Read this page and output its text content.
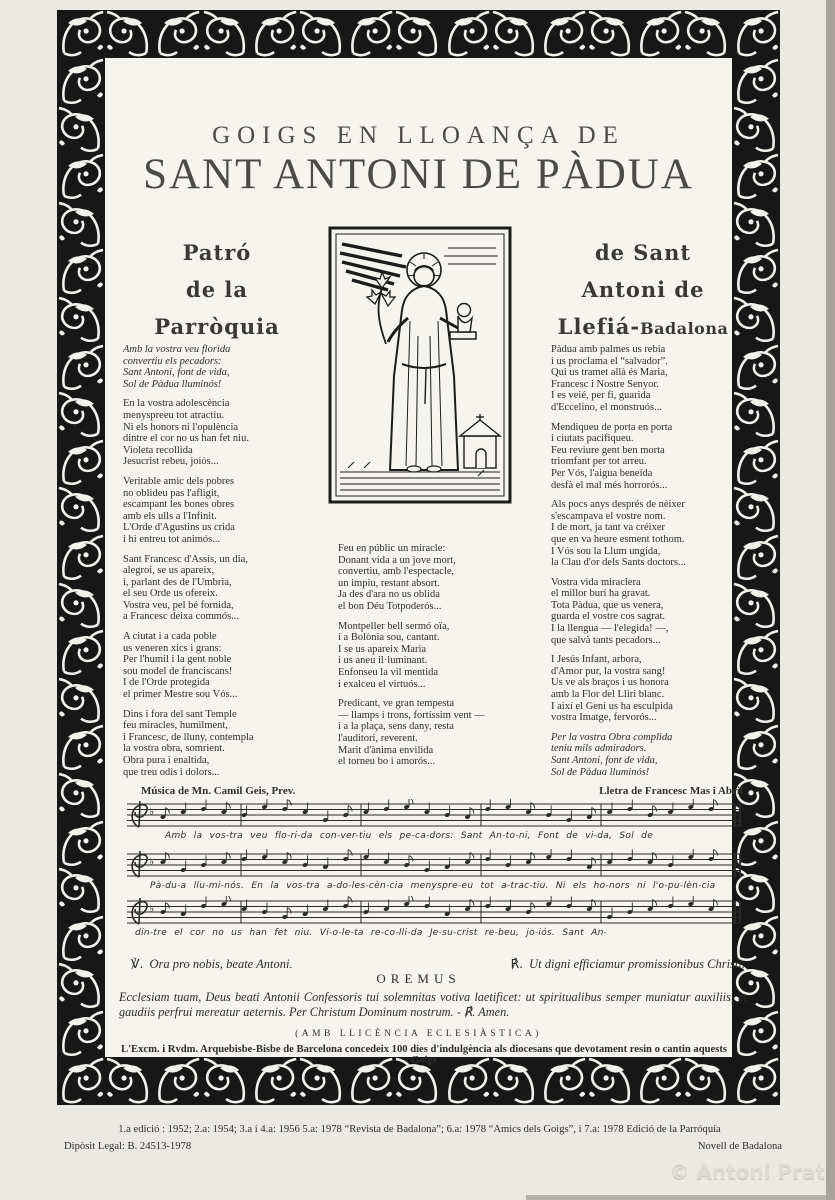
GOIGS EN LLOANÇA DE
SANT ANTONI DE PÀDUA
Patró
de la
Parròquia
de Sant
Antoni de
Llefiá-Badalona

Amb la vostra veu florida
convertiu els pecadors:
Sant Antoni, font de vida,
Sol de Pàdua lluminós!

En la vostra adolescència
menyspreeu tot atractiu.
Ni els honors ni l'opulència
dintre el cor no us han fet niu.
Violeta recollida
Jesucrist rebeu, joiós...

Veritable amic dels pobres
no oblideu pas l'afligit,
escampant les bones obres
amb els ulls a l'Infinit.
L'Orde d'Agustins us crida
i hi entreu tot animós...

Sant Francesc d'Assís, un dia,
alegroi, se us apareix,
i, parlant des de l'Umbria,
el seu Orde us ofereix.
Vostra veu, pel bé fornida,
a Francesc deixa commós...

A ciutat i a cada poble
us veneren xics i grans:
Per l'humil i la gent noble
sou model de franciscans!
I de l'Orde protegida
el primer Mestre sou Vós...

Dins i fora del sant Temple
feu miracles, humilment,
i Francesc, de lluny, contempla
la vostra obra, somrient.
Obra pura i enaltida,
que treu odis i dolors...

Feu en públic un miracle:
Donant vida a un jove mort,
convertiu, amb l'espectacle,
un impiu, restant absort.
Ja des d'ara no us oblida
el bon Déu Totpoderós...

Montpeller bell sermó oïa,
i a Bolònia sou, cantant.
I se us apareix Maria
i us aneu il·luminant.
Enfonseu la vil mentida
i exalceu el virtuós...

Predicant, ve gran tempesta
— llamps i trons, fortíssim vent —
i a la plaça, sens dany, resta
l'auditori, reverent.
Marit d'ànima envilida
el torneu bo i amorós...

Pàdua amb palmes us rebia
i us proclama el “salvador”.
Qui us tramet allà és Maria,
Francesc i Nostre Senyor.
I es veié, per fi, guarida
d'Eccelino, el monstruós...

Mendiqueu de porta en porta
i ciutats pacifiqueu.
Feu reviure gent ben morta
triomfant per tot arreu.
Per Vós, l'aigua beneïda
desfà el mal més horrorós...

Als pocs anys després de néixer
s'escampava el vostre nom.
I de mort, ja tant va créixer
que en va heure esment tothom.
I Vós sou la Llum ungida,
la Clau d'or dels Sants doctors...

Vostra vida miraclera
el millor burí ha gravat.
Tota Pàdua, que us venera,
guarda el vostre cos sagrat.
I la llengua — l'elegida! —,
que salvà tants pecadors...

I Jesús Infant, arbora,
d'Amor pur, la vostra sang!
Us ve als braços i us honora
amb la Flor del Lliri blanc.
I així el Geni us ha esculpida
vostra Imatge, fervorós...

Per la vostra Obra complida
teniu mils admiradors.
Sant Antoni, font de vida,
Sol de Pàdua lluminós!

Música de Mn. Camil Geis, Prev.	Lletra de Francesc Mas i Abril
♭
Amb la vos-tra veu flo-ri-da con-ver-tiu els pe-ca-dors: Sant An-to-ni, Font de vi-da, Sol de
♭
Pà-du-a llu-mi-nós. En la vos-tra a-do-les-cèn-cia menyspre-eu tot a-trac-tiu. Ni els ho-nors ni l'o-pu-lèn-cia
♭
din-tre el cor no us han fet niu. Vi-o-le-ta re-co-lli-da Je-su-crist re-beu, jo-iós. Sant An-
℣. Ora pro nobis, beate Antoni.	℟. Ut digni efficiamur promissionibus Christi.
OREMUS
Ecclesiam tuam, Deus beati Antonii Confessoris tui solemnitas votiva laetificet: ut spiritualibus semper muniatur auxiliis, et gaudiis perfrui mereatur aeternis. Per Christum Dominum nostrum. - ℟. Amen.
(AMB LLICÈNCIA ECLESIÀSTICA)
L'Excm. i Rvdm. Arquebisbe-Bisbe de Barcelona concedeix 100 dies d'indulgència als diocesans que devotament resin o cantin aquests Goigs
1.a edició : 1952; 2.a: 1954; 3.a i 4.a: 1956 5.a: 1978 “Revista de Badalona”; 6.a: 1978 “Amics dels Goigs”, i 7.a: 1978 Edició de la Parróquia
Dipòsit Legal: B. 24513-1978	Novell de Badalona
© Antoni Prat
